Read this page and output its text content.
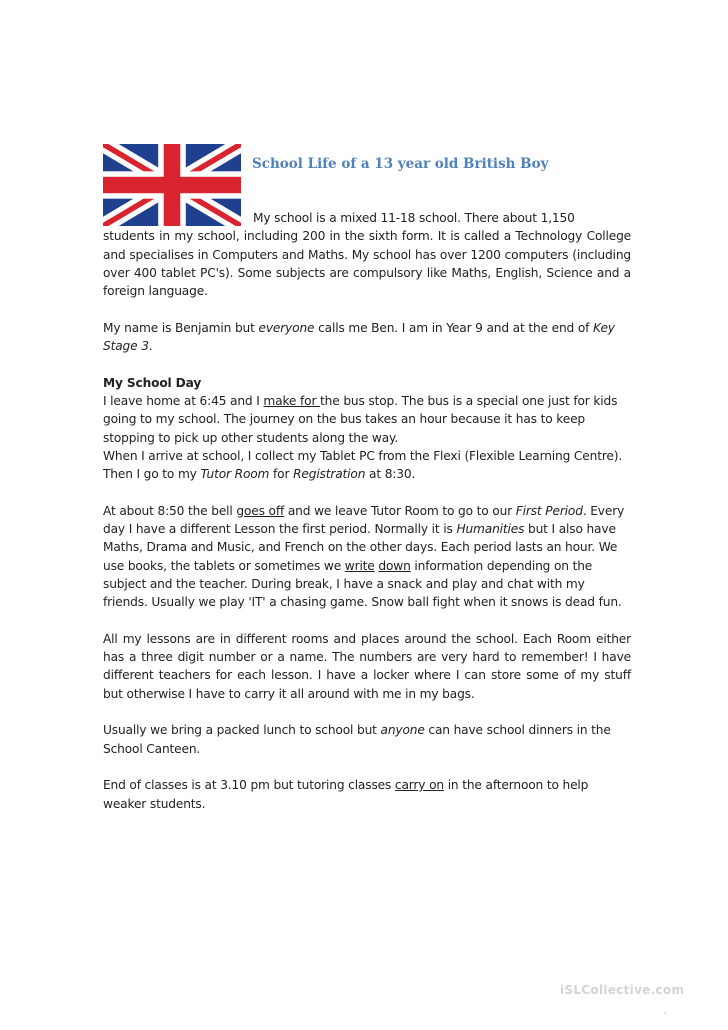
School Life of a 13 year old British Boy

My school is a mixed 11-18 school. There about 1,150
students in my school, including 200 in the sixth form. It is called a Technology College and specialises in Computers and Maths. My school has over 1200 computers (including over 400 tablet PC's). Some subjects are compulsory like Maths, English, Science and a foreign language.

My name is Benjamin but everyone calls me Ben. I am in Year 9 and at the end of Key Stage 3.

My School Day
I leave home at 6:45 and I make for the bus stop. The bus is a special one just for kids going to my school. The journey on the bus takes an hour because it has to keep stopping to pick up other students along the way.
When I arrive at school, I collect my Tablet PC from the Flexi (Flexible Learning Centre). Then I go to my Tutor Room for Registration at 8:30.

At about 8:50 the bell goes off and we leave Tutor Room to go to our First Period. Every day I have a different Lesson the first period. Normally it is Humanities but I also have Maths, Drama and Music, and French on the other days. Each period lasts an hour. We use books, the tablets or sometimes we write down information depending on the subject and the teacher. During break, I have a snack and play and chat with my friends. Usually we play 'IT' a chasing game. Snow ball fight when it snows is dead fun.

All my lessons are in different rooms and places around the school. Each Room either has a three digit number or a name. The numbers are very hard to remember! I have different teachers for each lesson. I have a locker where I can store some of my stuff but otherwise I have to carry it all around with me in my bags.

Usually we bring a packed lunch to school but anyone can have school dinners in the School Canteen.

End of classes is at 3.10 pm but tutoring classes carry on in the afternoon to help weaker students.

iSLCollective.com
